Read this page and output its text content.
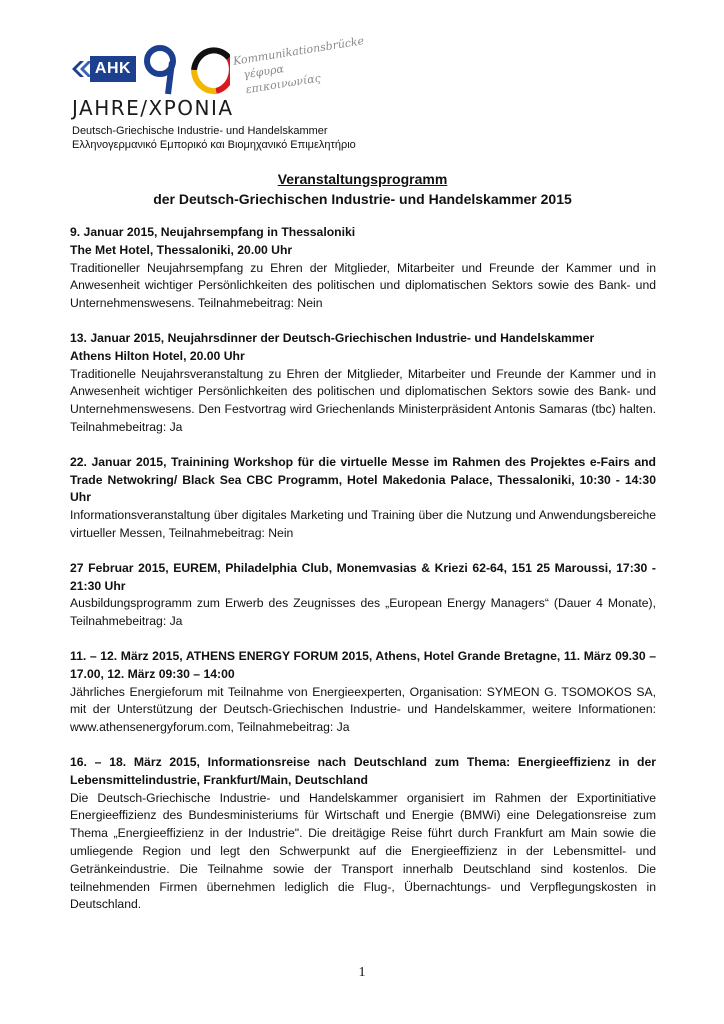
AHK
Kommunikationsbrücke
γέφυρα επικοινωνίας
JAHRE/XPONIA
Deutsch-Griechische Industrie- und Handelskammer
Ελληνογερμανικό Εμπορικό και Βιομηχανικό Επιμελητήριο
Veranstaltungsprogramm
der Deutsch-Griechischen Industrie- und Handelskammer 2015

9. Januar 2015, Neujahrsempfang in Thessaloniki

The Met Hotel, Thessaloniki, 20.00 Uhr

Traditioneller Neujahrsempfang zu Ehren der Mitglieder, Mitarbeiter und Freunde der Kammer und in Anwesenheit wichtiger Persönlichkeiten des politischen und diplomatischen Sektors sowie des Bank- und Unternehmenswesens. Teilnahmebeitrag: Nein

13. Januar 2015, Neujahrsdinner der Deutsch-Griechischen Industrie- und Handelskammer

Athens Hilton Hotel, 20.00 Uhr

Traditionelle Neujahrsveranstaltung zu Ehren der Mitglieder, Mitarbeiter und Freunde der Kammer und in Anwesenheit wichtiger Persönlichkeiten des politischen und diplomatischen Sektors sowie des Bank- und Unternehmenswesens. Den Festvortrag wird Griechenlands Ministerpräsident Antonis Samaras (tbc) halten. Teilnahmebeitrag: Ja

22. Januar 2015, Trainining Workshop für die virtuelle Messe im Rahmen des Projektes e-Fairs and Trade Netwokring/ Black Sea CBC Programm, Hotel Makedonia Palace, Thessaloniki, 10:30 - 14:30 Uhr

Informationsveranstaltung über digitales Marketing und Training über die Nutzung und Anwendungsbereiche virtueller Messen, Teilnahmebeitrag: Nein

27 Februar 2015, EUREM, Philadelphia Club, Monemvasias & Kriezi 62-64, 151 25 Maroussi, 17:30 - 21:30 Uhr

Ausbildungsprogramm zum Erwerb des Zeugnisses des „European Energy Managers“ (Dauer 4 Monate), Teilnahmebeitrag: Ja

11. – 12. März 2015, ATHENS ENERGY FORUM 2015, Athens, Hotel Grande Bretagne, 11. März 09.30 – 17.00, 12. März 09:30 – 14:00

Jährliches Energieforum mit Teilnahme von Energieexperten, Organisation: SYMEON G. TSOMOKOS SA, mit der Unterstützung der Deutsch-Griechischen Industrie- und Handelskammer, weitere Informationen: www.athensenergyforum.com, Teilnahmebeitrag: Ja

16. – 18. März 2015, Informationsreise nach Deutschland zum Thema: Energieeffizienz in der Lebensmittelindustrie, Frankfurt/Main, Deutschland

Die Deutsch-Griechische Industrie- und Handelskammer organisiert im Rahmen der Exportinitiative Energieeffizienz des Bundesministeriums für Wirtschaft und Energie (BMWi) eine Delegationsreise zum Thema „Energieeffizienz in der Industrie". Die dreitägige Reise führt durch Frankfurt am Main sowie die umliegende Region und legt den Schwerpunkt auf die Energieeffizienz in der Lebensmittel- und Getränkeindustrie. Die Teilnahme sowie der Transport innerhalb Deutschland sind kostenlos. Die teilnehmenden Firmen übernehmen lediglich die Flug-, Übernachtungs- und Verpflegungskosten in Deutschland.

1
